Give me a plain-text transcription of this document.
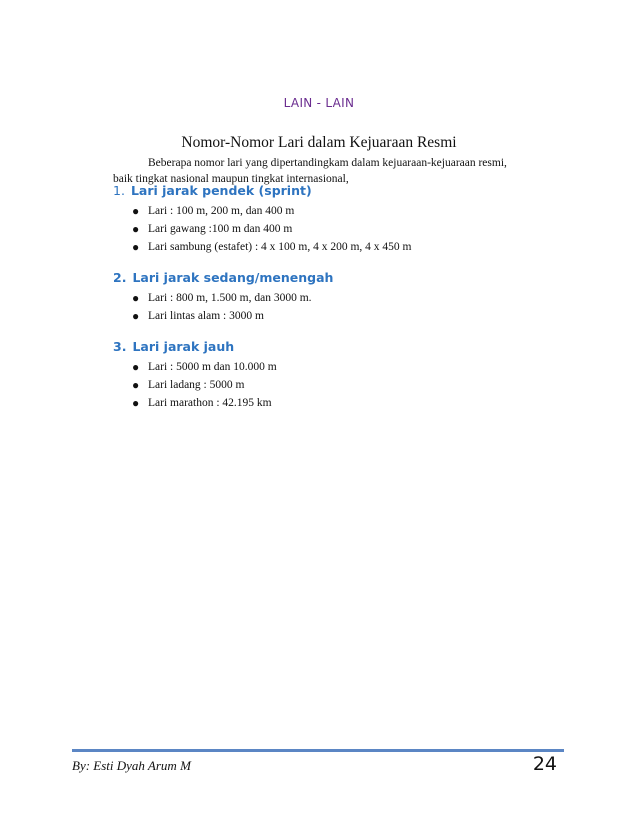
LAIN - LAIN
Nomor-Nomor Lari dalam Kejuaraan Resmi
Beberapa nomor lari yang dipertandingkam dalam kejuaraan-kejuaraan resmi,
baik tingkat nasional maupun tingkat internasional,
1. Lari jarak pendek (sprint)
● Lari : 100 m, 200 m, dan 400 m
● Lari gawang :100 m dan 400 m
● Lari sambung (estafet) : 4 x 100 m, 4 x 200 m, 4 x 450 m
2. Lari jarak sedang/menengah
● Lari : 800 m, 1.500 m, dan 3000 m.
● Lari lintas alam : 3000 m
3. Lari jarak jauh
● Lari : 5000 m dan 10.000 m
● Lari ladang : 5000 m
● Lari marathon : 42.195 km
By: Esti Dyah Arum M	24
